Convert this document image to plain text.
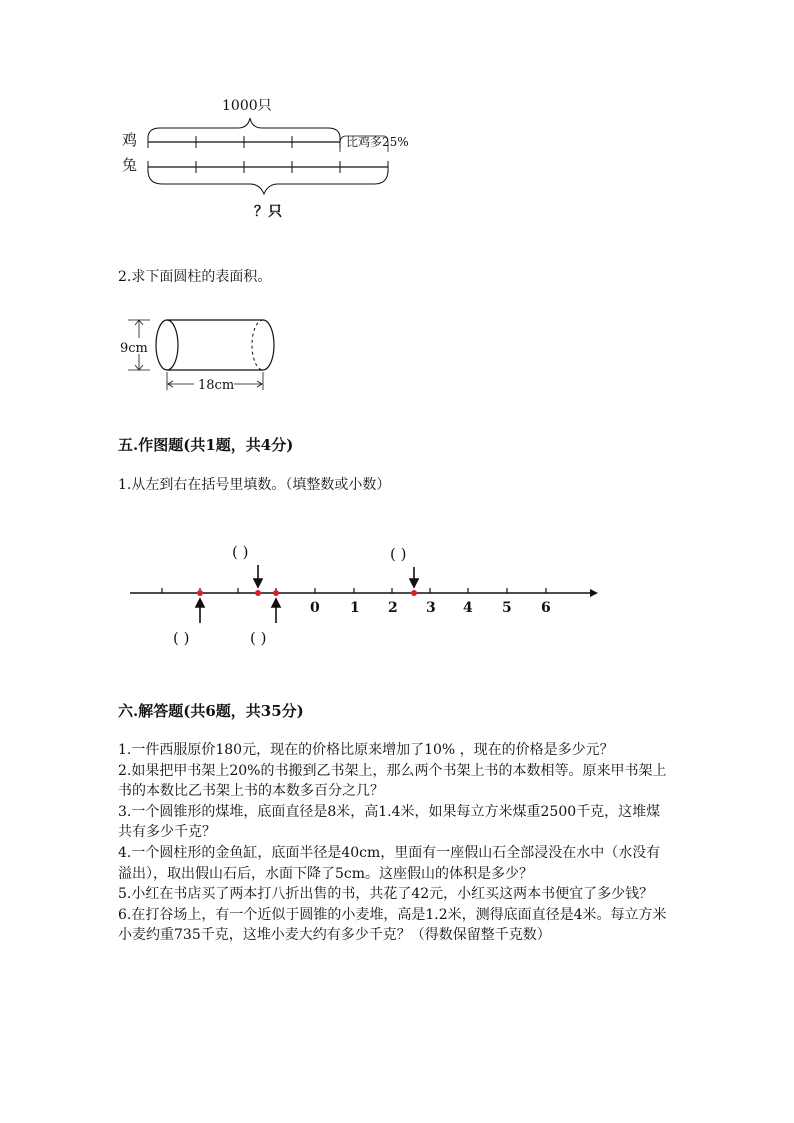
1000只
鸡	比鸡多25%
兔
？只
2.求下面圆柱的表面积。
9cm
18cm
五.作图题(共1题，共4分)
1.从左到右在括号里填数。（填整数或小数）
( )	( )
0 1 2 3 4 5 6
( )	( )
六.解答题(共6题，共35分)
1.一件西服原价180元，现在的价格比原来增加了10% ，现在的价格是多少元？
2.如果把甲书架上20%的书搬到乙书架上，那么两个书架上书的本数相等。原来甲书架上书的本数比乙书架上书的本数多百分之几？
3.一个圆锥形的煤堆，底面直径是8米，高1.4米，如果每立方米煤重2500千克，这堆煤共有多少千克？
4.一个圆柱形的金鱼缸，底面半径是40cm，里面有一座假山石全部浸没在水中（水没有溢出），取出假山石后，水面下降了5cm。这座假山的体积是多少？
5.小红在书店买了两本打八折出售的书，共花了42元，小红买这两本书便宜了多少钱？
6.在打谷场上，有一个近似于圆锥的小麦堆，高是1.2米，测得底面直径是4米。每立方米小麦约重735千克，这堆小麦大约有多少千克？（得数保留整千克数）
